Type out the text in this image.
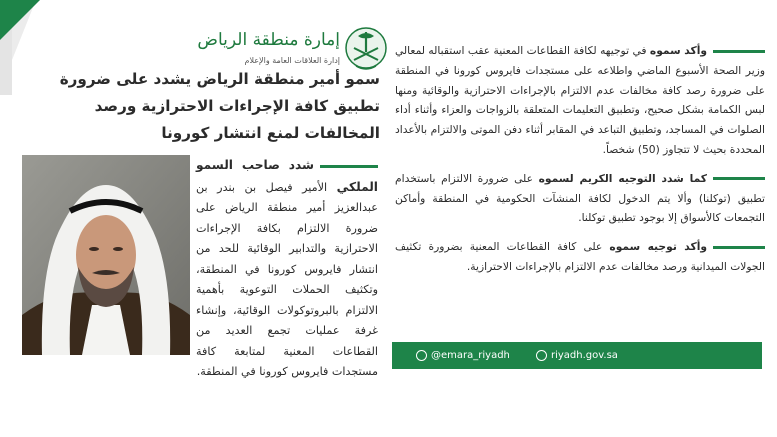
إمارة منطقة الرياض
إدارة العلاقات العامة والإعلام
سمو أمير منطقة الرياض يشدد على ضرورة تطبيق كافة الإجراءات الاحترازية ورصد المخالفات لمنع انتشار كورونا
شدد صاحب السمو الملكي الأمير فيصل بن بندر بن عبدالعزيز أمير منطقة الرياض على ضرورة الالتزام بكافة الإجراءات الاحترازية والتدابير الوقائية للحد من انتشار فايروس كورونا في المنطقة، وتكثيف الحملات التوعوية بأهمية الالتزام بالبروتوكولات الوقائية، وإنشاء غرفة عمليات تجمع العديد من القطاعات المعنية لمتابعة كافة مستجدات فايروس كورونا في المنطقة.

وأكد سموه في توجيهه لكافة القطاعات المعنية عقب استقباله لمعالي وزير الصحة الأسبوع الماضي واطلاعه على مستجدات فايروس كورونا في المنطقة على ضرورة رصد كافة مخالفات عدم الالتزام بالإجراءات الاحترازية والوقائية ومنها لبس الكمامة بشكل صحيح، وتطبيق التعليمات المتعلقة بالزواجات والعزاء وأثناء أداء الصلوات في المساجد، وتطبيق التباعد في المقابر أثناء دفن الموتى والالتزام بالأعداد المحددة بحيث لا تتجاوز (50) شخصاً.

كما شدد التوجيه الكريم لسموه على ضرورة الالتزام باستخدام تطبيق (توكلنا) وألا يتم الدخول لكافة المنشآت الحكومية في المنطقة وأماكن التجمعات كالأسواق إلا بوجود تطبيق توكلنا.

وأكد توجيه سموه على كافة القطاعات المعنية بضرورة تكثيف الجولات الميدانية ورصد مخالفات عدم الالتزام بالإجراءات الاحترازية.

@emara_riyadh	riyadh.gov.sa
